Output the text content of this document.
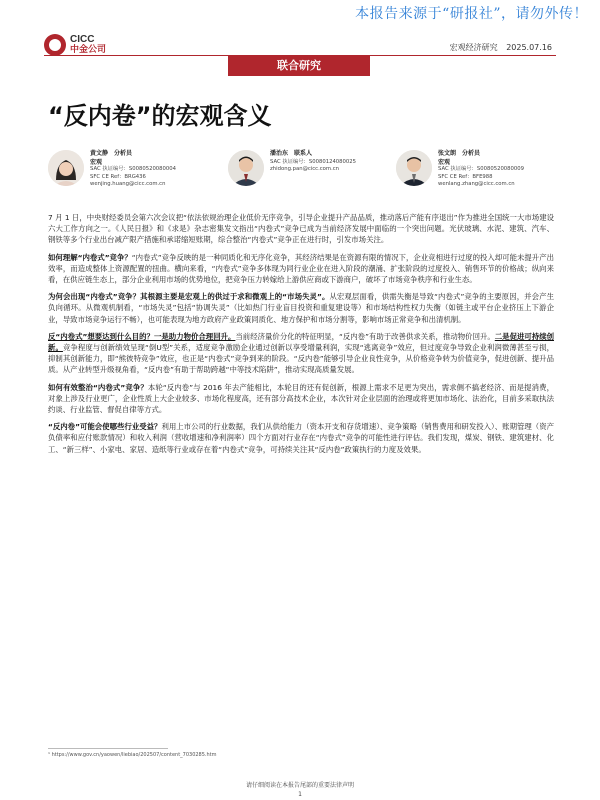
本报告来源于“研报社”，请勿外传！
CICC
中金公司	宏观经济研究 2025.07.16
联合研究
“反内卷”的宏观含义
黄文静 分析员
宏观
SAC 执证编号：S0080520080004
SFC CE Ref：BRG436
wenjing.huang@cicc.com.cn
潘治东 联系人
SAC 执证编号：S0080124080025
zhidong.pan@cicc.com.cn
张文朗 分析员
宏观
SAC 执证编号：S0080520080009
SFC CE Ref：BFE988
wenlang.zhang@cicc.com.cn

7 月 1 日，中央财经委员会第六次会议把“依法依规治理企业低价无序竞争，引导企业提升产品品质，推动落后产能有序退出”作为推进全国统一大市场建设六大工作方向之一。《人民日报》和《求是》杂志密集发文指出“内卷式”竞争已成为当前经济发展中面临的一个突出问题。光伏玻璃、水泥、建筑、汽车、钢铁等多个行业出台减产限产措施和承诺缩短账期，综合整治“内卷式”竞争正在进行时，引发市场关注。

如何理解“内卷式”竞争？“内卷式”竞争反映的是一种同质化和无序化竞争，其经济结果是在资源有限的情况下，企业竞相进行过度的投入却可能未提升产出效率，而造成整体上资源配置的扭曲。横向来看，“内卷式”竞争多体现为同行业企业在进入阶段的潮涌、扩张阶段的过度投入、销售环节的价格战；纵向来看，在供应链生态上，部分企业利用市场的优势地位，把竞争压力转嫁给上游供应商或下游商户，破坏了市场竞争秩序和行业生态。

为何会出现“内卷式”竞争？其根源主要是宏观上的供过于求和微观上的“市场失灵”。从宏观层面看，供需失衡是导致“内卷式”竞争的主要原因，并会产生负向循环。从微观机制看，“市场失灵”包括“协调失灵”（比如热门行业盲目投资和重复建设等）和市场结构性权力失衡（如链主或平台企业挤压上下游企业，导致市场竞争运行不畅），也可能表现为地方政府产业政策同质化、地方保护和市场分割等，影响市场正常竞争和出清机制。

反“内卷式”想要达到什么目的？一是助力物价合理回升。当前经济量价分化的特征明显，“反内卷”有助于改善供求关系，推动物价回升。二是促进可持续创新。竞争程度与创新绩效呈现“倒U型”关系，适度竞争激励企业通过创新以享受增量利润，实现“逃离竞争”效应，但过度竞争导致企业利润微薄甚至亏损，抑制其创新能力，即“熊彼特竞争”效应，也正是“内卷式”竞争到来的阶段。“反内卷”能够引导企业良性竞争，从价格竞争转为价值竞争，促进创新、提升品质。从产业转型升级视角看，“反内卷”有助于帮助跨越“中等技术陷阱”，推动实现高质量发展。

如何有效整治“内卷式”竞争？本轮“反内卷”与 2016 年去产能相比，本轮目的还有促创新，根源上需求不足更为突出，需求侧不搞老经济、而是提消费，对象上涉及行业更广，企业性质上大企业较多、市场化程度高，还有部分高技术企业，本次针对企业层面的治理或将更加市场化、法治化，目前多采取执法约谈、行业监管、督促自律等方式。

“反内卷”可能会使哪些行业受益？利用上市公司的行业数据，我们从供给能力（资本开支和存货增速）、竞争策略（销售费用和研发投入）、账期管理（资产负债率和应付账款情况）和收入利润（营收增速和净利润率）四个方面对行业存在“内卷式”竞争的可能性进行评估。我们发现，煤炭、钢铁、建筑建材、化工、“新三样”、小家电、家居、造纸等行业或存在着“内卷式”竞争，可持续关注其“反内卷”政策执行的力度及效果。

¹ https://www.gov.cn/yaowen/liebiao/202507/content_7030285.htm
请仔细阅读在本报告尾部的重要法律声明
1
